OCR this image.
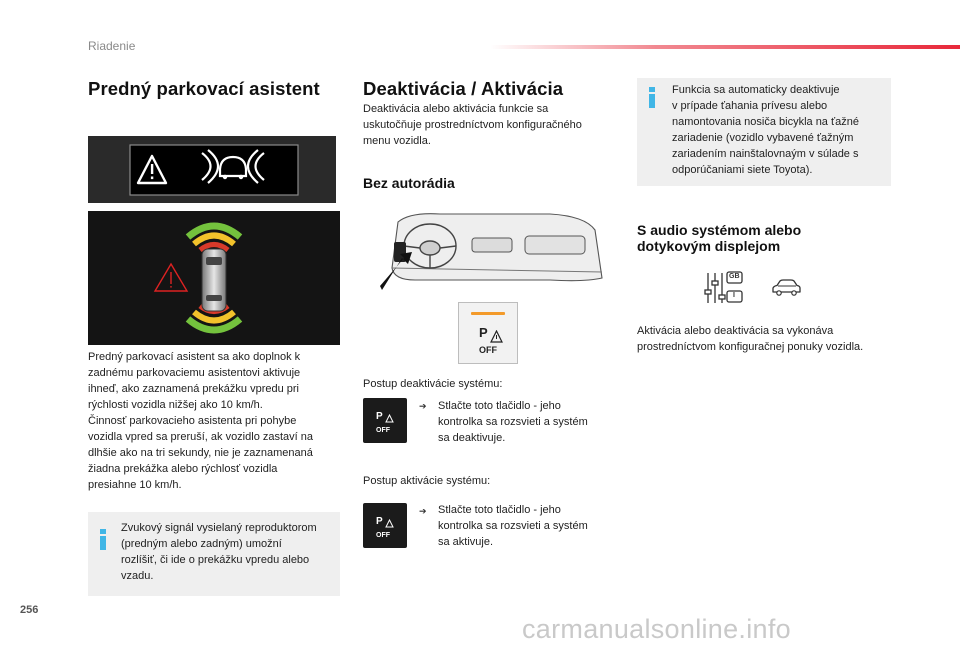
Riadenie
Predný parkovací asistent

Predný parkovací asistent sa ako doplnok k

zadnému parkovaciemu asistentovi aktivuje

ihneď, ako zaznamená prekážku vpredu pri

rýchlosti vozidla nižšej ako 10 km/h.

Činnosť parkovacieho asistenta pri pohybe

vozidla vpred sa preruší, ak vozidlo zastaví na

dlhšie ako na tri sekundy, nie je zaznamenaná

žiadna prekážka alebo rýchlosť vozidla

presiahne 10 km/h.

Zvukový signál vysielaný reproduktorom
(predným alebo zadným) umožní
rozlíšiť, či ide o prekážku vpredu alebo
vzadu.
Deaktivácia / Aktivácia

Deaktivácia alebo aktivácia funkcie sa

uskutočňuje prostredníctvom konfiguračného

menu vozidla.

Bez autorádia
P
OFF
Postup deaktivácie systému:
P
OFF
➔ Stlačte toto tlačidlo - jeho

kontrolka sa rozsvieti a systém

sa deaktivuje.

Postup aktivácie systému:
P
OFF
➔ Stlačte toto tlačidlo - jeho

kontrolka sa rozsvieti a systém

sa aktivuje.

Funkcia sa automaticky deaktivuje
v prípade ťahania prívesu alebo
namontovania nosiča bicykla na ťažné
zariadenie (vozidlo vybavené ťažným
zariadením nainštalovnaým v súlade s
odporúčaniami siete Toyota).
S audio systémom alebo
dotykovým displejom
GB
I

Aktivácia alebo deaktivácia sa vykonáva

prostredníctvom konfiguračnej ponuky vozidla.

256
carmanualsonline.info
